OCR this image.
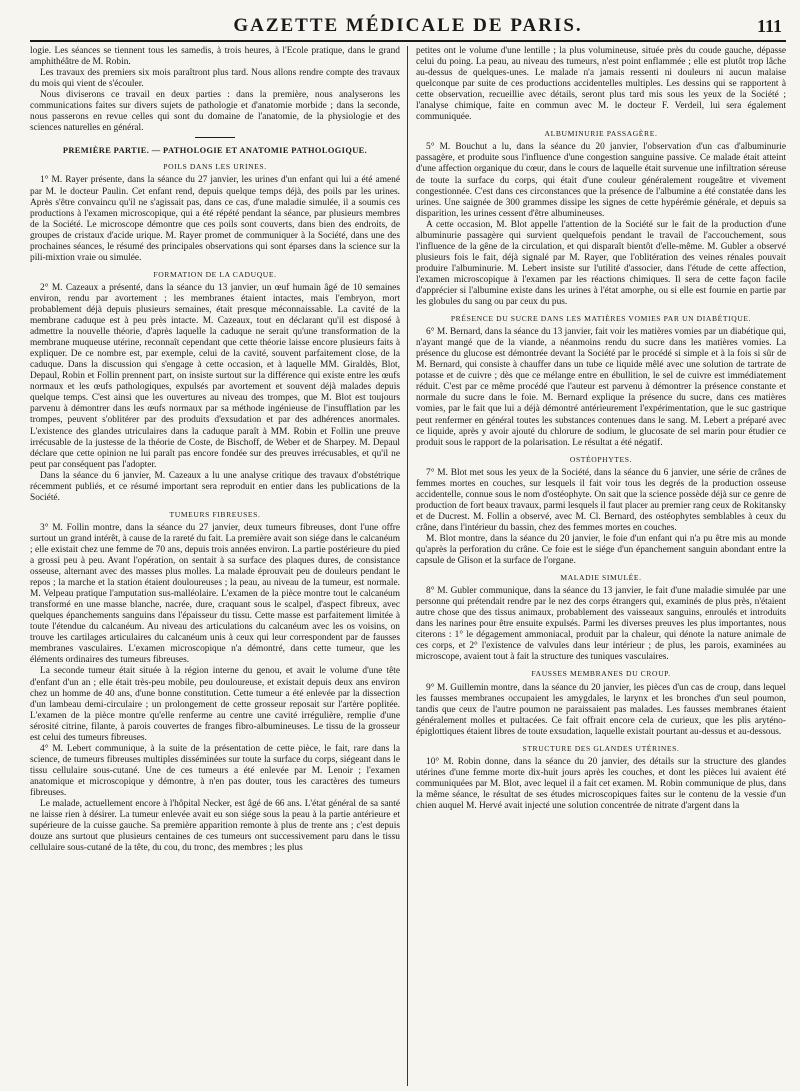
GAZETTE MÉDICALE DE PARIS.	111

logie. Les séances se tiennent tous les samedis, à trois heures, à l'École pratique, dans le grand amphithéâtre de M. Robin.

Les travaux des premiers six mois paraîtront plus tard. Nous allons rendre compte des travaux du mois qui vient de s'écouler.

Nous diviserons ce travail en deux parties : dans la première, nous analyserons les communications faites sur divers sujets de pathologie et d'anatomie morbide ; dans la seconde, nous passerons en revue celles qui sont du domaine de l'anatomie, de la physiologie et des sciences naturelles en général.

PREMIÈRE PARTIE. — PATHOLOGIE ET ANATOMIE PATHOLOGIQUE.
POILS DANS LES URINES.

1° M. Rayer présente, dans la séance du 27 janvier, les urines d'un enfant qui lui a été amené par M. le docteur Paulin. Cet enfant rend, depuis quelque temps déjà, des poils par les urines. Après s'être convaincu qu'il ne s'agissait pas, dans ce cas, d'une maladie simulée, il a soumis ces productions à l'examen microscopique, qui a été répété pendant la séance, par plusieurs membres de la Société. Le microscope démontre que ces poils sont couverts, dans bien des endroits, de groupes de cristaux d'acide urique. M. Rayer promet de communiquer à la Société, dans une des prochaines séances, le résumé des principales observations qui sont éparses dans la science sur la pili-mixtion vraie ou simulée.

FORMATION DE LA CADUQUE.

2° M. Cazeaux a présenté, dans la séance du 13 janvier, un œuf humain âgé de 10 semaines environ, rendu par avortement ; les membranes étaient intactes, mais l'embryon, mort probablement déjà depuis plusieurs semaines, était presque méconnaissable. La cavité de la membrane caduque est à peu près intacte. M. Cazeaux, tout en déclarant qu'il est disposé à admettre la nouvelle théorie, d'après laquelle la caduque ne serait qu'une transformation de la membrane muqueuse utérine, reconnaît cependant que cette théorie laisse encore plusieurs faits à expliquer. De ce nombre est, par exemple, celui de la cavité, souvent parfaitement close, de la caduque. Dans la discussion qui s'engage à cette occasion, et à laquelle MM. Giraldès, Blot, Depaul, Robin et Follin prennent part, on insiste surtout sur la différence qui existe entre les œufs normaux et les œufs pathologiques, expulsés par avortement et souvent déjà malades depuis quelque temps. C'est ainsi que les ouvertures au niveau des trompes, que M. Blot est toujours parvenu à démontrer dans les œufs normaux par sa méthode ingénieuse de l'insufflation par les trompes, peuvent s'oblitérer par des produits d'exsudation et par des adhérences anormales. L'existence des glandes utriculaires dans la caduque paraît à MM. Robin et Follin une preuve irrécusable de la justesse de la théorie de Coste, de Bischoff, de Weber et de Sharpey. M. Depaul déclare que cette opinion ne lui paraît pas encore fondée sur des preuves irrécusables, et qu'il ne peut par conséquent pas l'adopter.

Dans la séance du 6 janvier, M. Cazeaux a lu une analyse critique des travaux d'obstétrique récemment publiés, et ce résumé important sera reproduit en entier dans les publications de la Société.

TUMEURS FIBREUSES.

3° M. Follin montre, dans la séance du 27 janvier, deux tumeurs fibreuses, dont l'une offre surtout un grand intérêt, à cause de la rareté du fait. La première avait son siége dans le calcanéum ; elle existait chez une femme de 70 ans, depuis trois années environ. La partie postérieure du pied a grossi peu à peu. Avant l'opération, on sentait à sa surface des plaques dures, de consistance osseuse, alternant avec des masses plus molles. La malade éprouvait peu de douleurs pendant le repos ; la marche et la station étaient douloureuses ; la peau, au niveau de la tumeur, est normale. M. Velpeau pratique l'amputation sus-malléolaire. L'examen de la pièce montre tout le calcanéum transformé en une masse blanche, nacrée, dure, craquant sous le scalpel, d'aspect fibreux, avec quelques épanchements sanguins dans l'épaisseur du tissu. Cette masse est parfaitement limitée à toute l'étendue du calcanéum. Au niveau des articulations du calcanéum avec les os voisins, on trouve les cartilages articulaires du calcanéum unis à ceux qui leur correspondent par de fausses membranes vasculaires. L'examen microscopique n'a démontré, dans cette tumeur, que les éléments ordinaires des tumeurs fibreuses.

La seconde tumeur était située à la région interne du genou, et avait le volume d'une tête d'enfant d'un an ; elle était très-peu mobile, peu douloureuse, et existait depuis deux ans environ chez un homme de 40 ans, d'une bonne constitution. Cette tumeur a été enlevée par la dissection d'un lambeau demi-circulaire ; un prolongement de cette grosseur reposait sur l'artère poplitée. L'examen de la pièce montre qu'elle renferme au centre une cavité irrégulière, remplie d'une sérosité citrine, filante, à parois couvertes de franges fibro-albumineuses. Le tissu de la grosseur est celui des tumeurs fibreuses.

4° M. Lebert communique, à la suite de la présentation de cette pièce, le fait, rare dans la science, de tumeurs fibreuses multiples disséminées sur toute la surface du corps, siégeant dans le tissu cellulaire sous-cutané. Une de ces tumeurs a été enlevée par M. Lenoir ; l'examen anatomique et microscopique y démontre, à n'en pas douter, tous les caractères des tumeurs fibreuses.

Le malade, actuellement encore à l'hôpital Necker, est âgé de 66 ans. L'état général de sa santé ne laisse rien à désirer. La tumeur enlevée avait eu son siége sous la peau à la partie antérieure et supérieure de la cuisse gauche. Sa première apparition remonte à plus de trente ans ; c'est depuis douze ans surtout que plusieurs centaines de ces tumeurs ont successivement paru dans le tissu cellulaire sous-cutané de la tête, du cou, du tronc, des membres ; les plus

petites ont le volume d'une lentille ; la plus volumineuse, située près du coude gauche, dépasse celui du poing. La peau, au niveau des tumeurs, n'est point enflammée ; elle est plutôt trop lâche au-dessus de quelques-unes. Le malade n'a jamais ressenti ni douleurs ni aucun malaise quelconque par suite de ces productions accidentelles multiples. Les dessins qui se rapportent à cette observation, recueillie avec détails, seront plus tard mis sous les yeux de la Société ; l'analyse chimique, faite en commun avec M. le docteur F. Verdeil, lui sera également communiquée.

ALBUMINURIE PASSAGÈRE.

5° M. Bouchut a lu, dans la séance du 20 janvier, l'observation d'un cas d'albuminurie passagère, et produite sous l'influence d'une congestion sanguine passive. Ce malade était atteint d'une affection organique du cœur, dans le cours de laquelle était survenue une infiltration séreuse de toute la surface du corps, qui était d'une couleur généralement rougeâtre et vivement congestionnée. C'est dans ces circonstances que la présence de l'albumine a été constatée dans les urines. Une saignée de 300 grammes dissipe les signes de cette hypérémie générale, et depuis sa disparition, les urines cessent d'être albumineuses.

A cette occasion, M. Blot appelle l'attention de la Société sur le fait de la production d'une albuminurie passagère qui survient quelquefois pendant le travail de l'accouchement, sous l'influence de la gêne de la circulation, et qui disparaît bientôt d'elle-même. M. Gubler a observé plusieurs fois le fait, déjà signalé par M. Rayer, que l'oblitération des veines rénales pouvait produire l'albuminurie. M. Lebert insiste sur l'utilité d'associer, dans l'étude de cette affection, l'examen microscopique à l'examen par les réactions chimiques. Il sera de cette façon facile d'apprécier si l'albumine existe dans les urines à l'état amorphe, ou si elle est fournie en partie par les globules du sang ou par ceux du pus.

PRÉSENCE DU SUCRE DANS LES MATIÈRES VOMIES PAR UN DIABÉTIQUE.

6° M. Bernard, dans la séance du 13 janvier, fait voir les matières vomies par un diabétique qui, n'ayant mangé que de la viande, a néanmoins rendu du sucre dans les matières vomies. La présence du glucose est démontrée devant la Société par le procédé si simple et à la fois si sûr de M. Bernard, qui consiste à chauffer dans un tube ce liquide mêlé avec une solution de tartrate de potasse et de cuivre ; dès que ce mélange entre en ébullition, le sel de cuivre est immédiatement réduit. C'est par ce même procédé que l'auteur est parvenu à démontrer la présence constante et normale du sucre dans le foie. M. Bernard explique la présence du sucre, dans ces matières vomies, par le fait que lui a déjà démontré antérieurement l'expérimentation, que le suc gastrique peut renfermer en général toutes les substances contenues dans le sang. M. Lebert a préparé avec ce liquide, après y avoir ajouté du chlorure de sodium, le glucosate de sel marin pour étudier ce produit sous le rapport de la polarisation. Le résultat a été négatif.

OSTÉOPHYTES.

7° M. Blot met sous les yeux de la Société, dans la séance du 6 janvier, une série de crânes de femmes mortes en couches, sur lesquels il fait voir tous les degrés de la production osseuse accidentelle, connue sous le nom d'ostéophyte. On sait que la science possède déjà sur ce genre de production de fort beaux travaux, parmi lesquels il faut placer au premier rang ceux de Rokitansky et de Ducrest. M. Follin a observé, avec M. Cl. Bernard, des ostéophytes semblables à ceux du crâne, dans l'intérieur du bassin, chez des femmes mortes en couches.

M. Blot montre, dans la séance du 20 janvier, le foie d'un enfant qui n'a pu être mis au monde qu'après la perforation du crâne. Ce foie est le siége d'un épanchement sanguin abondant entre la capsule de Glison et la surface de l'organe.

MALADIE SIMULÉE.

8° M. Gubler communique, dans la séance du 13 janvier, le fait d'une maladie simulée par une personne qui prétendait rendre par le nez des corps étrangers qui, examinés de plus près, n'étaient autre chose que des tissus animaux, probablement des vaisseaux sanguins, enroulés et introduits dans les narines pour être ensuite expulsés. Parmi les diverses preuves les plus importantes, nous citerons : 1° le dégagement ammoniacal, produit par la chaleur, qui dénote la nature animale de ces corps, et 2° l'existence de valvules dans leur intérieur ; de plus, les parois, examinées au microscope, avaient tout à fait la structure des tuniques vasculaires.

FAUSSES MEMBRANES DU CROUP.

9° M. Guillemin montre, dans la séance du 20 janvier, les pièces d'un cas de croup, dans lequel les fausses membranes occupaient les amygdales, le larynx et les bronches d'un seul poumon, tandis que ceux de l'autre poumon ne paraissaient pas malades. Les fausses membranes étaient généralement molles et pultacées. Ce fait offrait encore cela de curieux, que les plis aryténo-épiglottiques étaient libres de toute exsudation, laquelle existait pourtant au-dessus et au-dessous.

STRUCTURE DES GLANDES UTÉRINES.

10° M. Robin donne, dans la séance du 20 janvier, des détails sur la structure des glandes utérines d'une femme morte dix-huit jours après les couches, et dont les pièces lui avaient été communiquées par M. Blot, avec lequel il a fait cet examen. M. Robin communique de plus, dans la même séance, le résultat de ses études microscopiques faites sur le contenu de la vessie d'un chien auquel M. Hervé avait injecté une solution concentrée de nitrate d'argent dans la
